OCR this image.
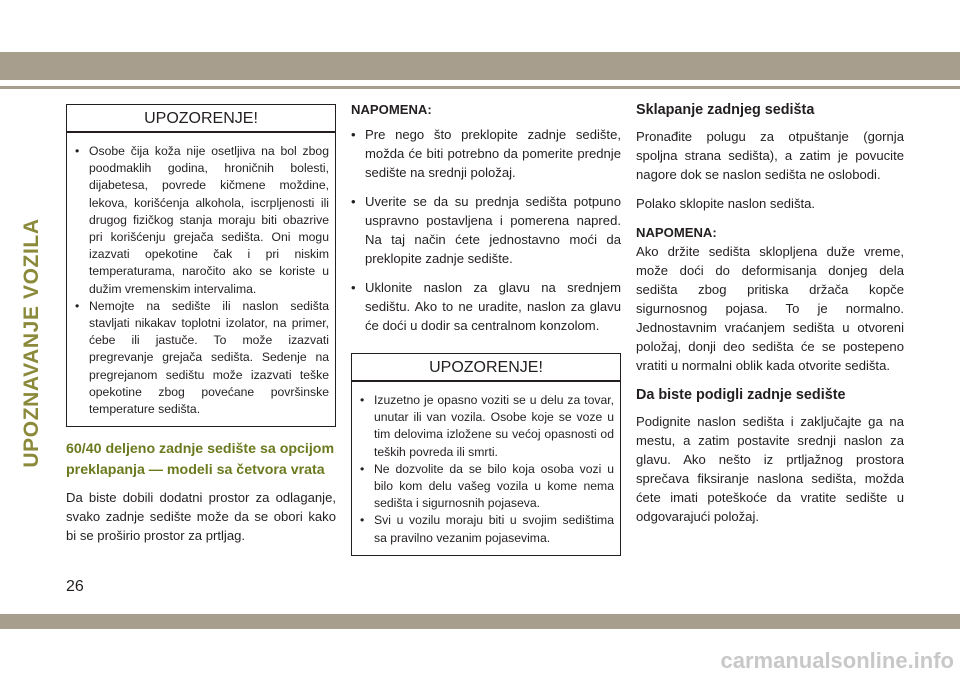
UPOZNAVANJE VOZILA
UPOZORENJE!
• Osobe čija koža nije osetljiva na bol zbog poodmaklih godina, hroničnih bolesti, dijabetesa, povrede kičmene moždine, lekova, korišćenja alkohola, iscrpljenosti ili drugog fizičkog stanja moraju biti obazrive pri korišćenju grejača sedišta. Oni mogu izazvati opekotine čak i pri niskim temperaturama, naročito ako se koriste u dužim vremenskim intervalima.
• Nemojte na sedište ili naslon sedišta stavljati nikakav toplotni izolator, na primer, ćebe ili jastuče. To može izazvati pregrevanje grejača sedišta. Sedenje na pregrejanom sedištu može izazvati teške opekotine zbog povećane površinske temperature sedišta.
60/40 deljeno zadnje sedište sa opcijom preklapanja — modeli sa četvora vrata

Da biste dobili dodatni prostor za odlaganje, svako zadnje sedište može da se obori kako bi se proširio prostor za prtljag.

NAPOMENA:
• Pre nego što preklopite zadnje sedište, možda će biti potrebno da pomerite prednje sedište na srednji položaj.
• Uverite se da su prednja sedišta potpuno uspravno postavljena i pomerena napred. Na taj način ćete jednostavno moći da preklopite zadnje sedište.
• Uklonite naslon za glavu na srednjem sedištu. Ako to ne uradite, naslon za glavu će doći u dodir sa centralnom konzolom.
UPOZORENJE!
• Izuzetno je opasno voziti se u delu za tovar, unutar ili van vozila. Osobe koje se voze u tim delovima izložene su većoj opasnosti od teških povreda ili smrti.
• Ne dozvolite da se bilo koja osoba vozi u bilo kom delu vašeg vozila u kome nema sedišta i sigurnosnih pojaseva.
• Svi u vozilu moraju biti u svojim sedištima sa pravilno vezanim pojasevima.
Sklapanje zadnjeg sedišta

Pronađite polugu za otpuštanje (gornja spoljna strana sedišta), a zatim je povucite nagore dok se naslon sedišta ne oslobodi.

Polako sklopite naslon sedišta.

NAPOMENA:

Ako držite sedišta sklopljena duže vreme, može doći do deformisanja donjeg dela sedišta zbog pritiska držača kopče sigurnosnog pojasa. To je normalno. Jednostavnim vraćanjem sedišta u otvoreni položaj, donji deo sedišta će se postepeno vratiti u normalni oblik kada otvorite sedišta.

Da biste podigli zadnje sedište

Podignite naslon sedišta i zaključajte ga na mestu, a zatim postavite srednji naslon za glavu. Ako nešto iz prtljažnog prostora sprečava fiksiranje naslona sedišta, možda ćete imati poteškoće da vratite sedište u odgovarajući položaj.

26
carmanualsonline.info
